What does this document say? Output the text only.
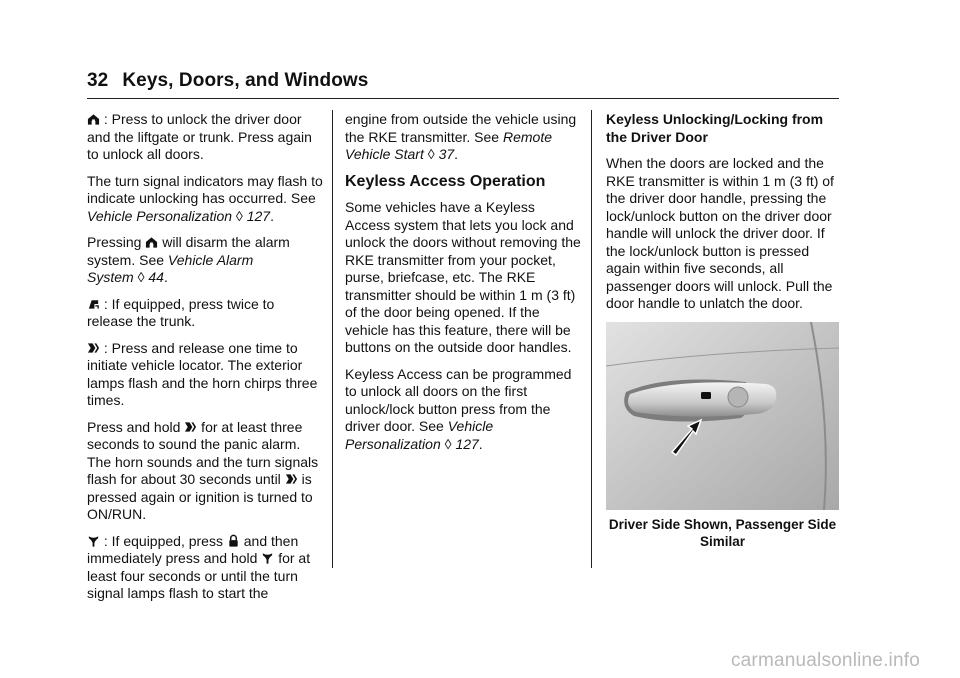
32 Keys, Doors, and Windows

: Press to unlock the driver door and the liftgate or trunk. Press again to unlock all doors.

The turn signal indicators may flash to indicate unlocking has occurred. See Vehicle Personalization ◊ 127.

Pressing
will disarm the alarm system. See Vehicle Alarm System ◊ 44.

: If equipped, press twice to release the trunk.

: Press and release one time to initiate vehicle locator. The exterior lamps flash and the horn chirps three times.

Press and hold
for at least three seconds to sound the panic alarm. The horn sounds and the turn signals flash for about 30 seconds until
is pressed again or ignition is turned to ON/RUN.

: If equipped, press
and then immediately press and hold
for at least four seconds or until the turn signal lamps flash to start the

engine from outside the vehicle using the RKE transmitter. See Remote Vehicle Start ◊ 37.

Keyless Access Operation

Some vehicles have a Keyless Access system that lets you lock and unlock the doors without removing the RKE transmitter from your pocket, purse, briefcase, etc. The RKE transmitter should be within 1 m (3 ft) of the door being opened. If the vehicle has this feature, there will be buttons on the outside door handles.

Keyless Access can be programmed to unlock all doors on the first unlock/lock button press from the driver door. See Vehicle Personalization ◊ 127.

Keyless Unlocking/Locking from the Driver Door

When the doors are locked and the RKE transmitter is within 1 m (3 ft) of the driver door handle, pressing the lock/unlock button on the driver door handle will unlock the driver door. If the lock/unlock button is pressed again within five seconds, all passenger doors will unlock. Pull the door handle to unlatch the door.

Driver Side Shown, Passenger Side Similar
carmanualsonline.info
